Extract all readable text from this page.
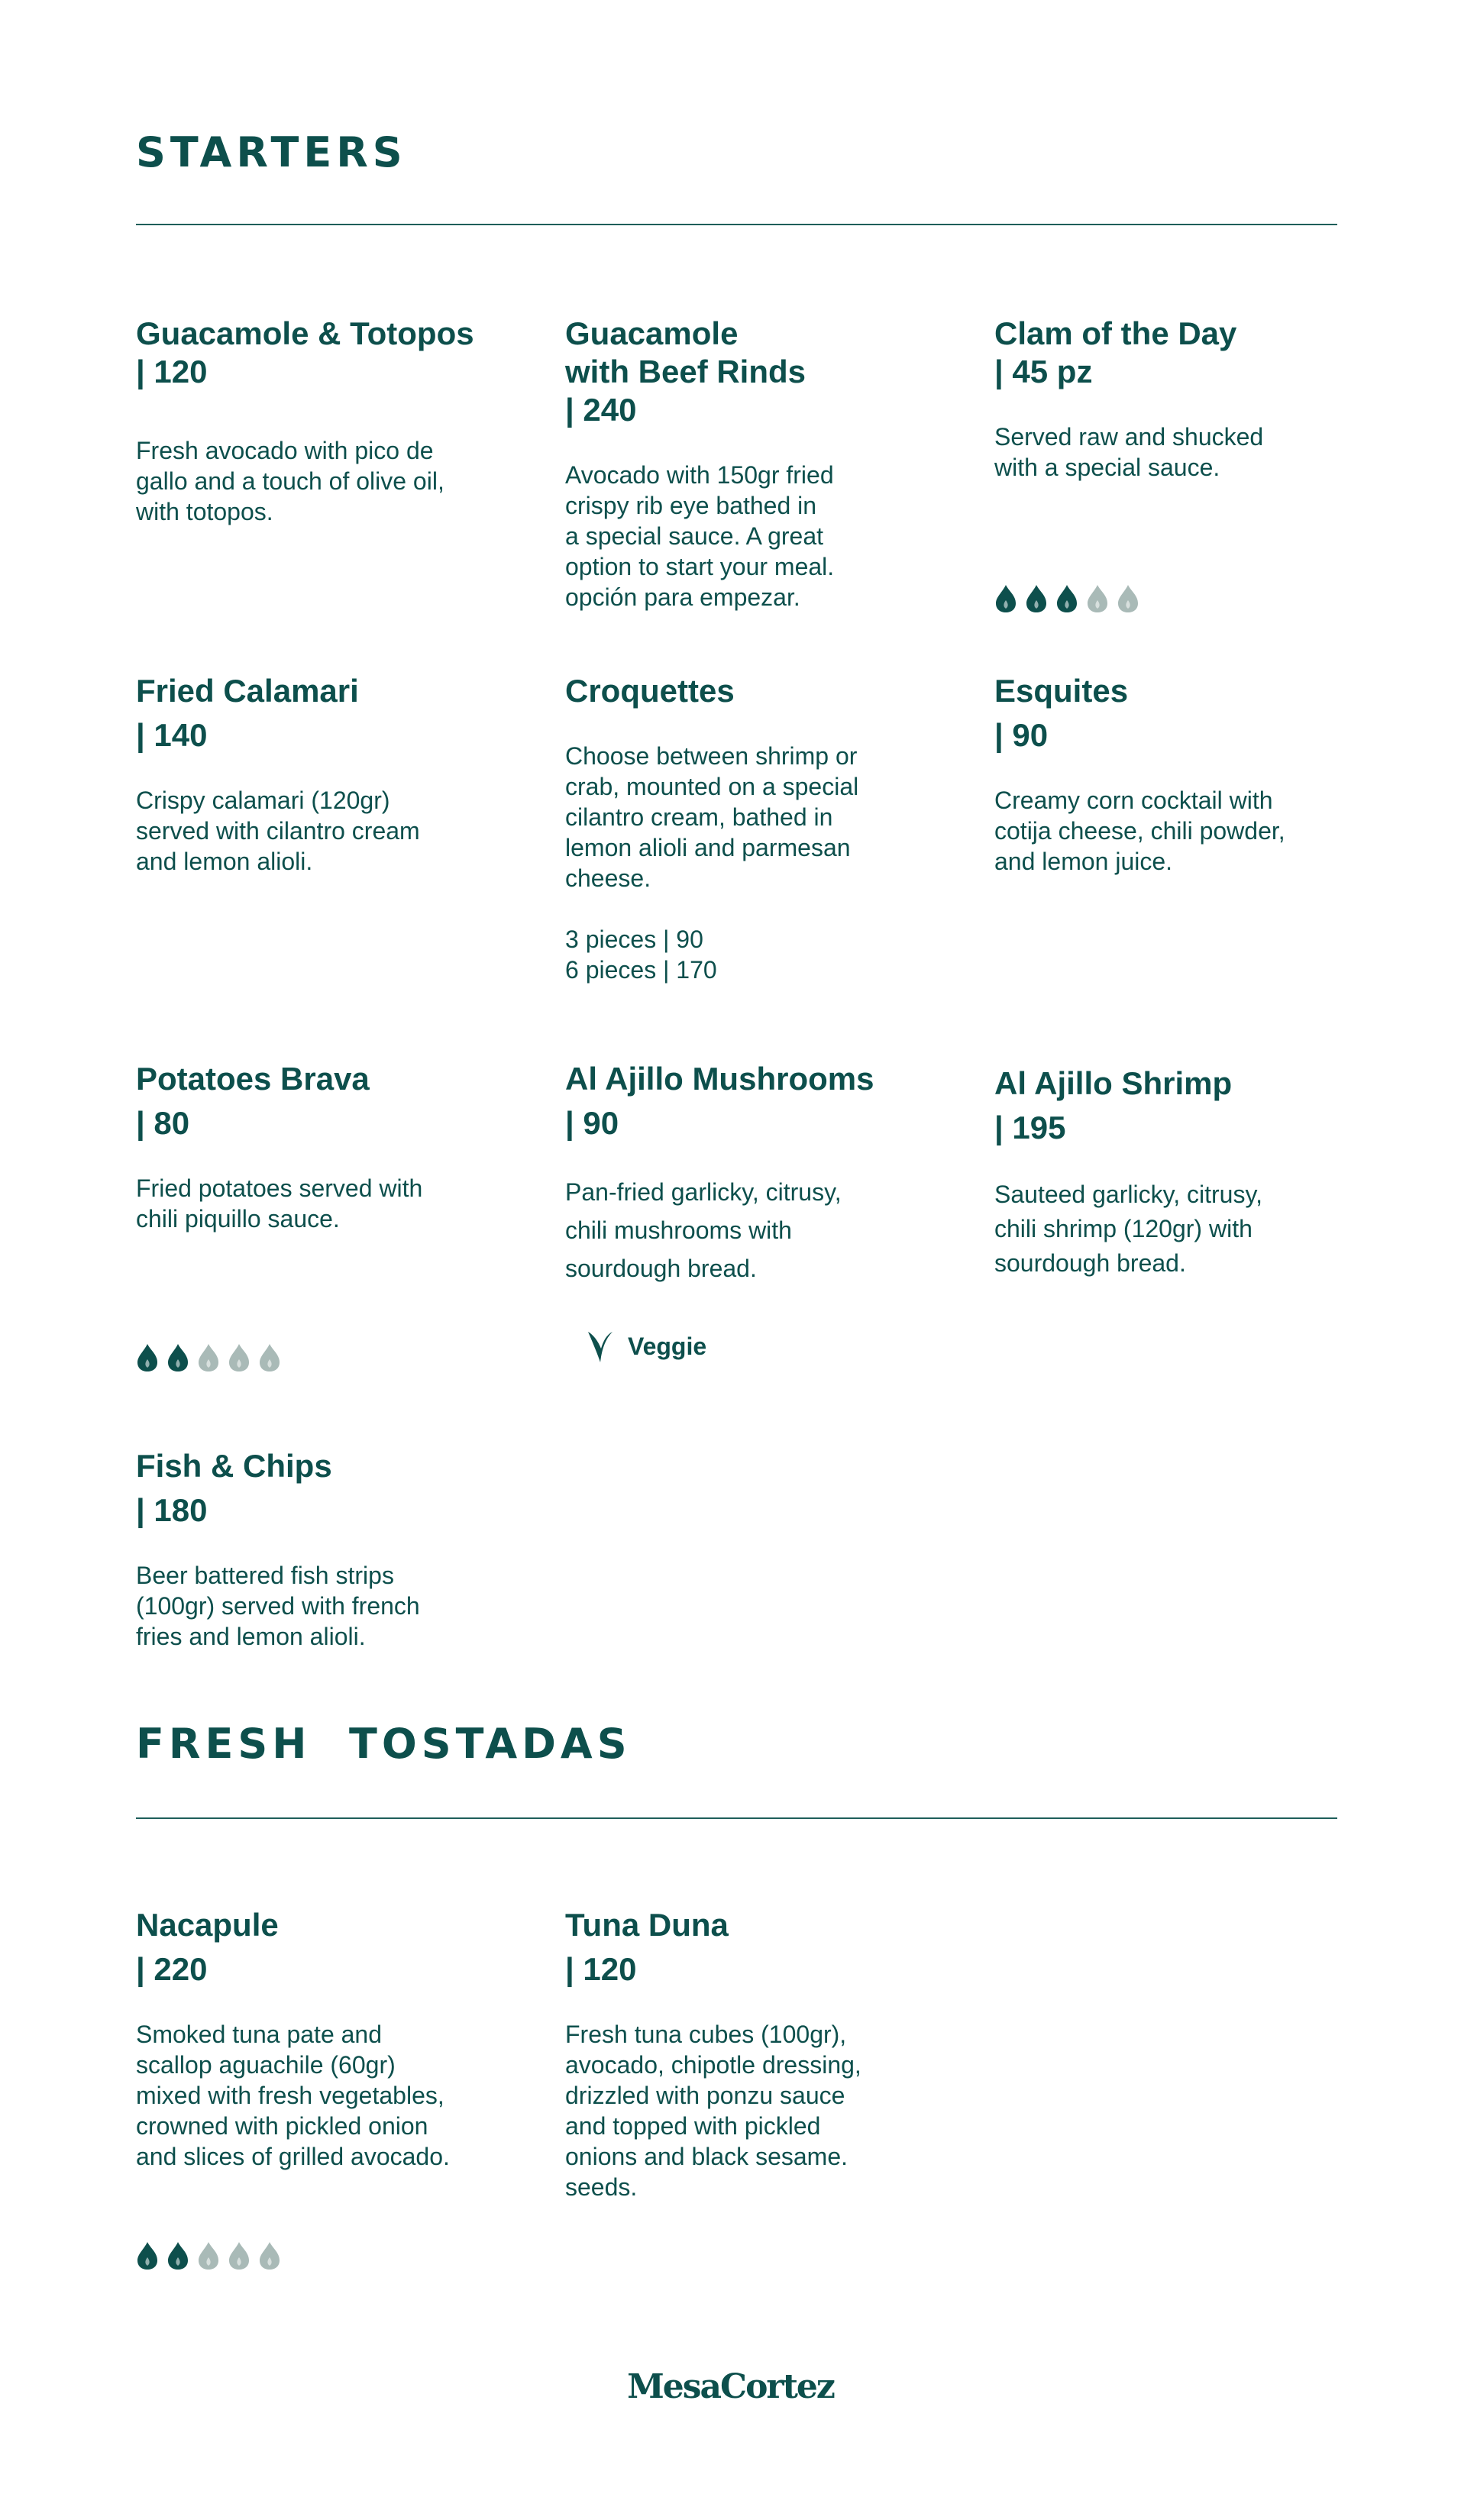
STARTERS
Guacamole & Totopos

| 120

Fresh avocado with pico de
gallo and a touch of olive oil,
with totopos.

Guacamole
with Beef Rinds

| 240

Avocado with 150gr fried
crispy rib eye bathed in
a special sauce. A great
option to start your meal.
opción para empezar.

Clam of the Day

| 45 pz

Served raw and shucked
with a special sauce.

Fried Calamari

| 140

Crispy calamari (120gr)
served with cilantro cream
and lemon alioli.

Croquettes

Choose between shrimp or
crab, mounted on a special
cilantro cream, bathed in
lemon alioli and parmesan
cheese.

3 pieces | 90
6 pieces | 170

Esquites

| 90

Creamy corn cocktail with
cotija cheese, chili powder,
and lemon juice.

Potatoes Brava

| 80

Fried potatoes served with
chili piquillo sauce.

Al Ajillo Mushrooms

| 90

Pan-fried garlicky, citrusy,
chili mushrooms with
sourdough bread.

Veggie
Al Ajillo Shrimp

| 195

Sauteed garlicky, citrusy,
chili shrimp (120gr) with
sourdough bread.

Fish & Chips

| 180

Beer battered fish strips
(100gr) served with french
fries and lemon alioli.

FRESH  TOSTADAS
Nacapule

| 220

Smoked tuna pate and
scallop aguachile (60gr)
mixed with fresh vegetables,
crowned with pickled onion
and slices of grilled avocado.

Tuna Duna

| 120

Fresh tuna cubes (100gr),
avocado, chipotle dressing,
drizzled with ponzu sauce
and topped with pickled
onions and black sesame.
seeds.

MesaCortez
